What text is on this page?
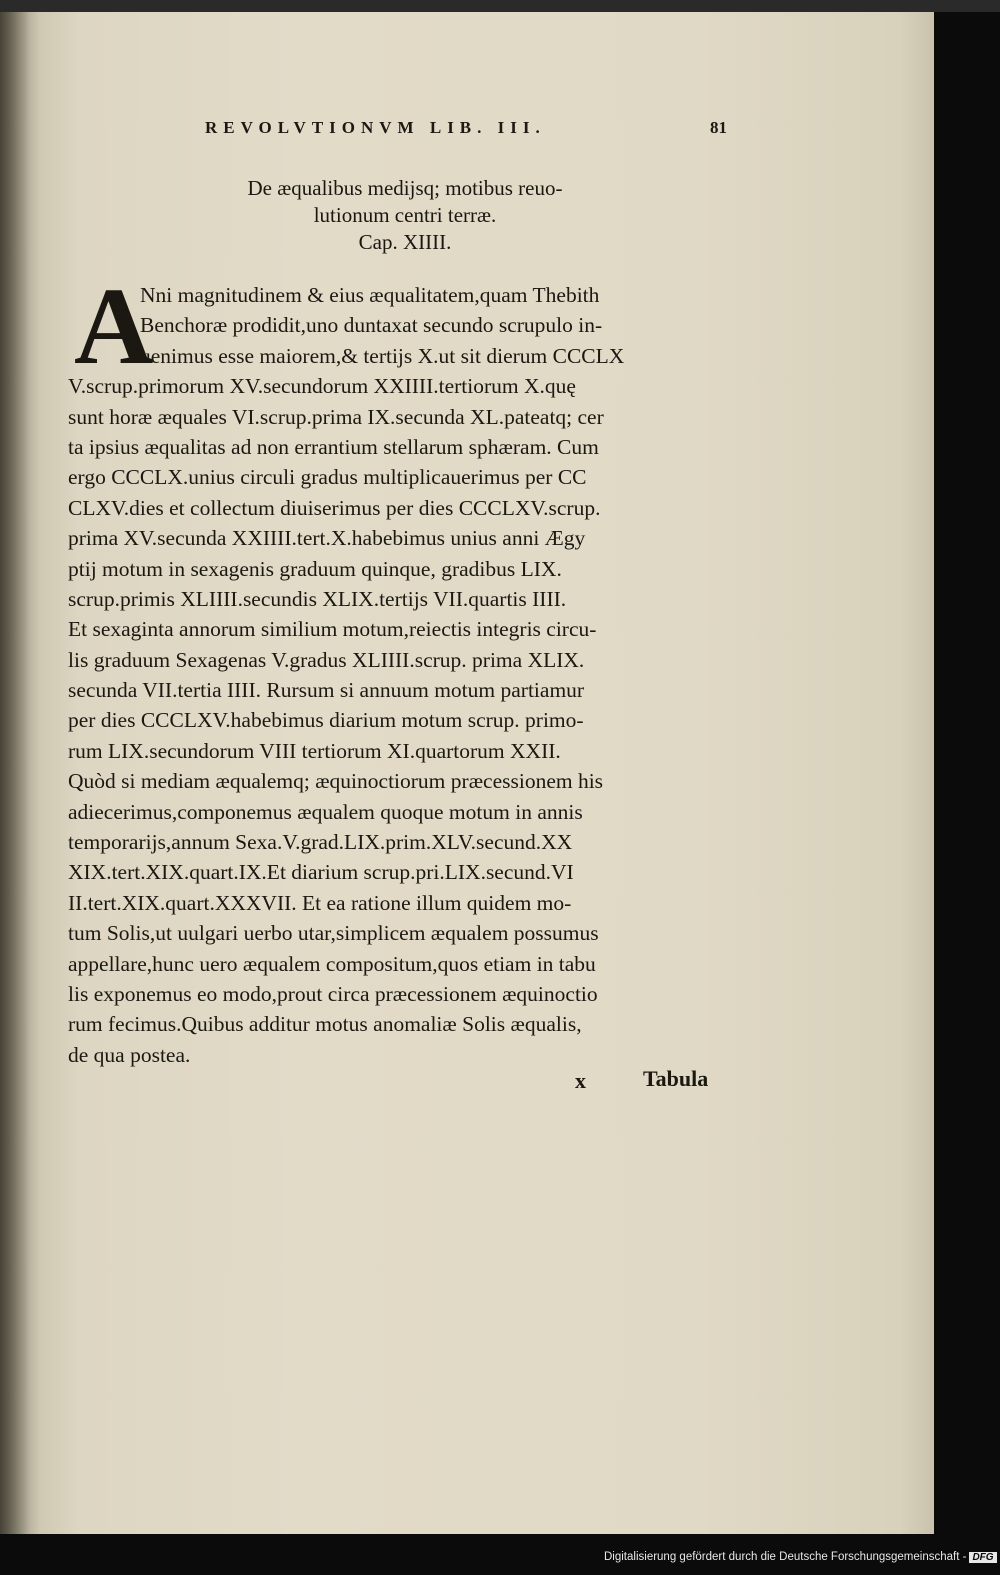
REVOLVTIONVM LIB. III.	81
De æqualibus medijsq; motibus reuo-
lutionum centri terræ.
Cap. XIIII.
A
Nni magnitudinem & eius æqualitatem,quam Thebith
Benchoræ prodidit,uno duntaxat secundo scrupulo in-
uenimus esse maiorem,& tertijs X.ut sit dierum CCCLX
V.scrup.primorum XV.secundorum XXIIII.tertiorum X.quę
sunt horæ æquales VI.scrup.prima IX.secunda XL.pateatq; cer
ta ipsius æqualitas ad non errantium stellarum sphæram. Cum
ergo CCCLX.unius circuli gradus multiplicauerimus per CC
CLXV.dies et collectum diuiserimus per dies CCCLXV.scrup.
prima XV.secunda XXIIII.tert.X.habebimus unius anni Ægy
ptij motum in sexagenis graduum quinque, gradibus LIX.
scrup.primis XLIIII.secundis XLIX.tertijs VII.quartis IIII.
Et sexaginta annorum similium motum,reiectis integris circu-
lis graduum Sexagenas V.gradus XLIIII.scrup. prima XLIX.
secunda VII.tertia IIII. Rursum si annuum motum partiamur
per dies CCCLXV.habebimus diarium motum scrup. primo-
rum LIX.secundorum VIII tertiorum XI.quartorum XXII.
Quòd si mediam æqualemq; æquinoctiorum præcessionem his
adiecerimus,componemus æqualem quoque motum in annis
temporarijs,annum Sexa.V.grad.LIX.prim.XLV.secund.XX
XIX.tert.XIX.quart.IX.Et diarium scrup.pri.LIX.secund.VI
II.tert.XIX.quart.XXXVII. Et ea ratione illum quidem mo-
tum Solis,ut uulgari uerbo utar,simplicem æqualem possumus
appellare,hunc uero æqualem compositum,quos etiam in tabu
lis exponemus eo modo,prout circa præcessionem æquinoctio
rum fecimus.Quibus additur motus anomaliæ Solis æqualis,
de qua postea.
x	Tabula
Digitalisierung gefördert durch die Deutsche Forschungsgemeinschaft - DFG
